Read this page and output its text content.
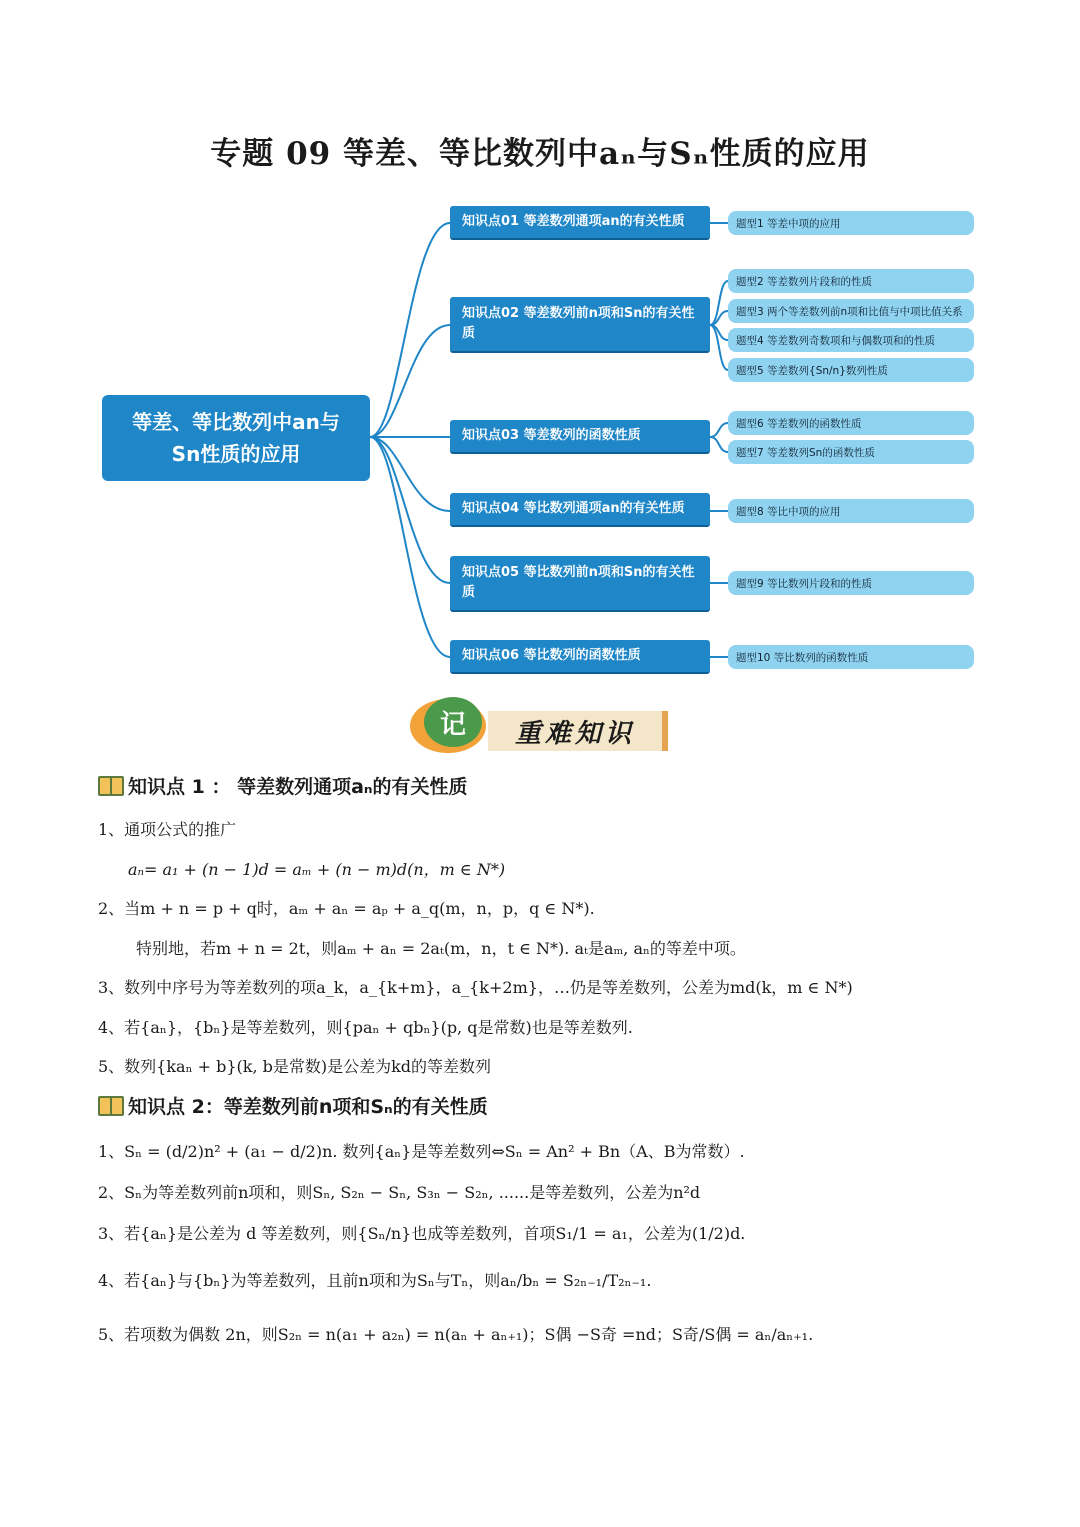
专题 09 等差、等比数列中aₙ与Sₙ性质的应用
等差、等比数列中an与Sn性质的应用
知识点01 等差数列通项an的有关性质
知识点02 等差数列前n项和Sn的有关性质
知识点03 等差数列的函数性质
知识点04 等比数列通项an的有关性质
知识点05 等比数列前n项和Sn的有关性质
知识点06 等比数列的函数性质
题型1 等差中项的应用
题型2 等差数列片段和的性质
题型3 两个等差数列前n项和比值与中项比值关系
题型4 等差数列奇数项和与偶数项和的性质
题型5 等差数列{Sn/n}数列性质
题型6 等差数列的函数性质
题型7 等差数列Sn的函数性质
题型8 等比中项的应用
题型9 等比数列片段和的性质
题型10 等比数列的函数性质
记	重难知识
知识点 1 ： 等差数列通项aₙ的有关性质
1、通项公式的推广
aₙ= a₁ + (n − 1)d = aₘ + (n − m)d(n，m ∈ N*)
2、当m + n = p + q时，aₘ + aₙ = aₚ + a_q(m，n，p，q ∈ N*).
特别地，若m + n = 2t，则aₘ + aₙ = 2aₜ(m，n，t ∈ N*). aₜ是aₘ, aₙ的等差中项。
3、数列中序号为等差数列的项a_k，a_{k+m}，a_{k+2m}，…仍是等差数列，公差为md(k，m ∈ N*)
4、若{aₙ}，{bₙ}是等差数列，则{paₙ + qbₙ}(p, q是常数)也是等差数列.
5、数列{kaₙ + b}(k, b是常数)是公差为kd的等差数列
知识点 2：等差数列前n项和Sₙ的有关性质
1、Sₙ = (d/2)n² + (a₁ − d/2)n. 数列{aₙ}是等差数列⇔Sₙ = An² + Bn（A、B为常数）.
2、Sₙ为等差数列前n项和，则Sₙ, S₂ₙ − Sₙ, S₃ₙ − S₂ₙ, ......是等差数列，公差为n²d
3、若{aₙ}是公差为 d 等差数列，则{Sₙ/n}也成等差数列，首项S₁/1 = a₁，公差为(1/2)d.
4、若{aₙ}与{bₙ}为等差数列，且前n项和为Sₙ与Tₙ，则aₙ/bₙ = S₂ₙ₋₁/T₂ₙ₋₁.
5、若项数为偶数 2n，则S₂ₙ = n(a₁ + a₂ₙ) = n(aₙ + aₙ₊₁)；S偶 −S奇 =nd；S奇/S偶 = aₙ/aₙ₊₁.
